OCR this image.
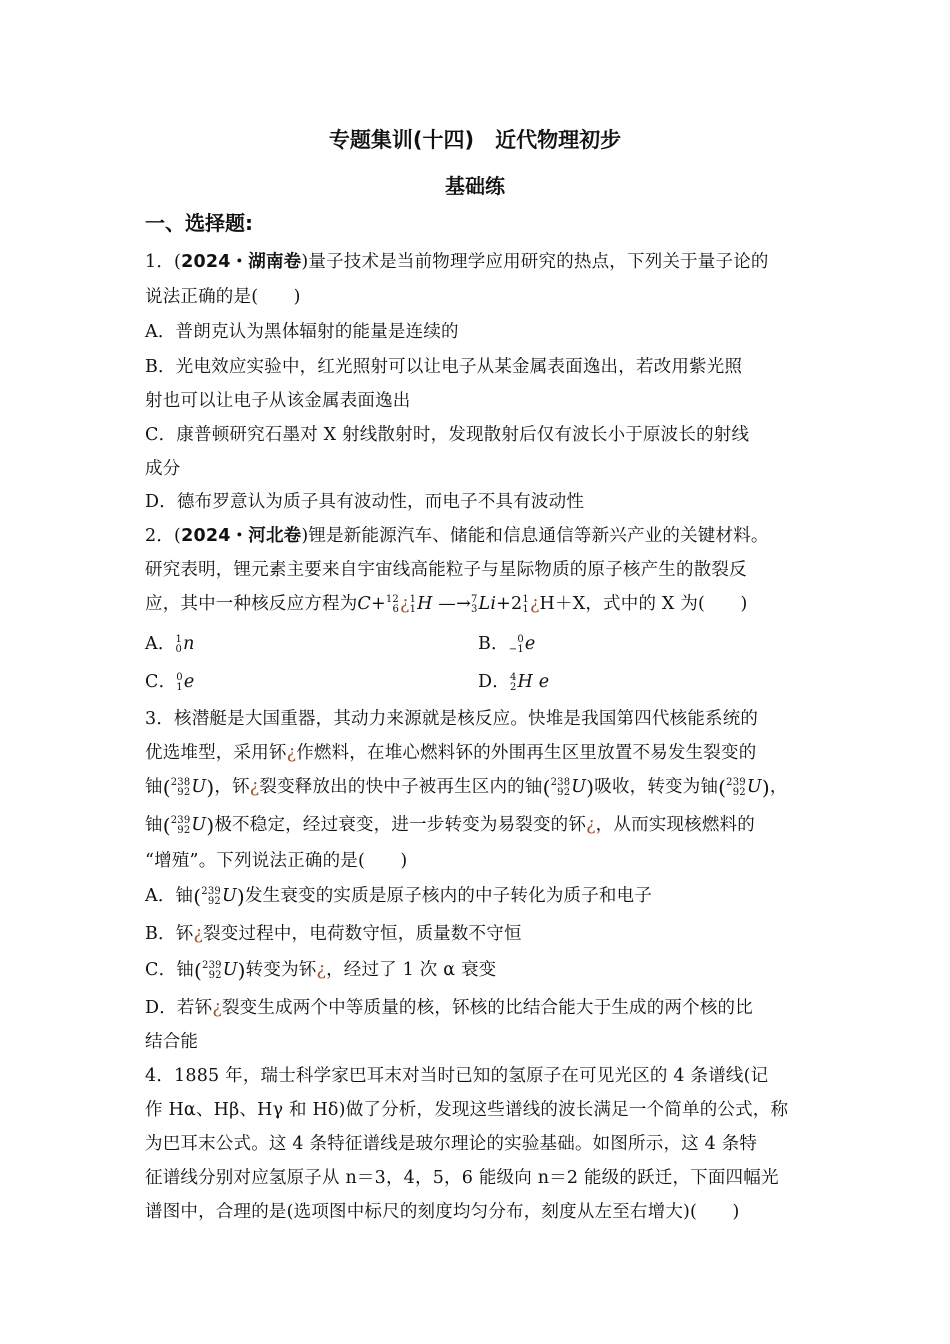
专题集训(十四)　近代物理初步
基础练
一、选择题:
1．(2024・湖南卷)量子技术是当前物理学应用研究的热点，下列关于量子论的
说法正确的是(　　)
A．普朗克认为黑体辐射的能量是连续的
B．光电效应实验中，红光照射可以让电子从某金属表面逸出，若改用紫光照
射也可以让电子从该金属表面逸出
C．康普顿研究石墨对 X 射线散射时，发现散射后仅有波长小于原波长的射线
成分
D．德布罗意认为质子具有波动性，而电子不具有波动性
2．(2024・河北卷)锂是新能源汽车、储能和信息通信等新兴产业的关键材料。
研究表明，锂元素主要来自宇宙线高能粒子与星际物质的原子核产生的散裂反
应，其中一种核反应方程为C+ 12
6 ¿ 1
1 H —→ 7
3 Li+2 1
1 ¿H＋X，式中的 X 为(　　)
A． 1
0 n	B． 0
−1 e
C． 0
1 e	D． 4
2 H e
3．核潜艇是大国重器，其动力来源就是核反应。快堆是我国第四代核能系统的
优选堆型，采用钚¿作燃料，在堆心燃料钚的外围再生区里放置不易发生裂变的
铀( 238
92 U)，钚¿裂变释放出的快中子被再生区内的铀( 238
92 U)吸收，转变为铀( 239
92 U)，
铀( 239
92 U)极不稳定，经过衰变，进一步转变为易裂变的钚¿，从而实现核燃料的
“增殖”。下列说法正确的是(　　)
A．铀( 239
92 U)发生衰变的实质是原子核内的中子转化为质子和电子
B．钚¿裂变过程中，电荷数守恒，质量数不守恒
C．铀( 239
92 U)转变为钚¿，经过了 1 次 α 衰变
D．若钚¿裂变生成两个中等质量的核，钚核的比结合能大于生成的两个核的比
结合能
4．1885 年，瑞士科学家巴耳末对当时已知的氢原子在可见光区的 4 条谱线(记
作 Hα、Hβ、Hγ 和 Hδ)做了分析，发现这些谱线的波长满足一个简单的公式，称
为巴耳末公式。这 4 条特征谱线是玻尔理论的实验基础。如图所示，这 4 条特
征谱线分别对应氢原子从 n＝3，4，5，6 能级向 n＝2 能级的跃迁，下面四幅光
谱图中，合理的是(选项图中标尺的刻度均匀分布，刻度从左至右增大)(　　)
